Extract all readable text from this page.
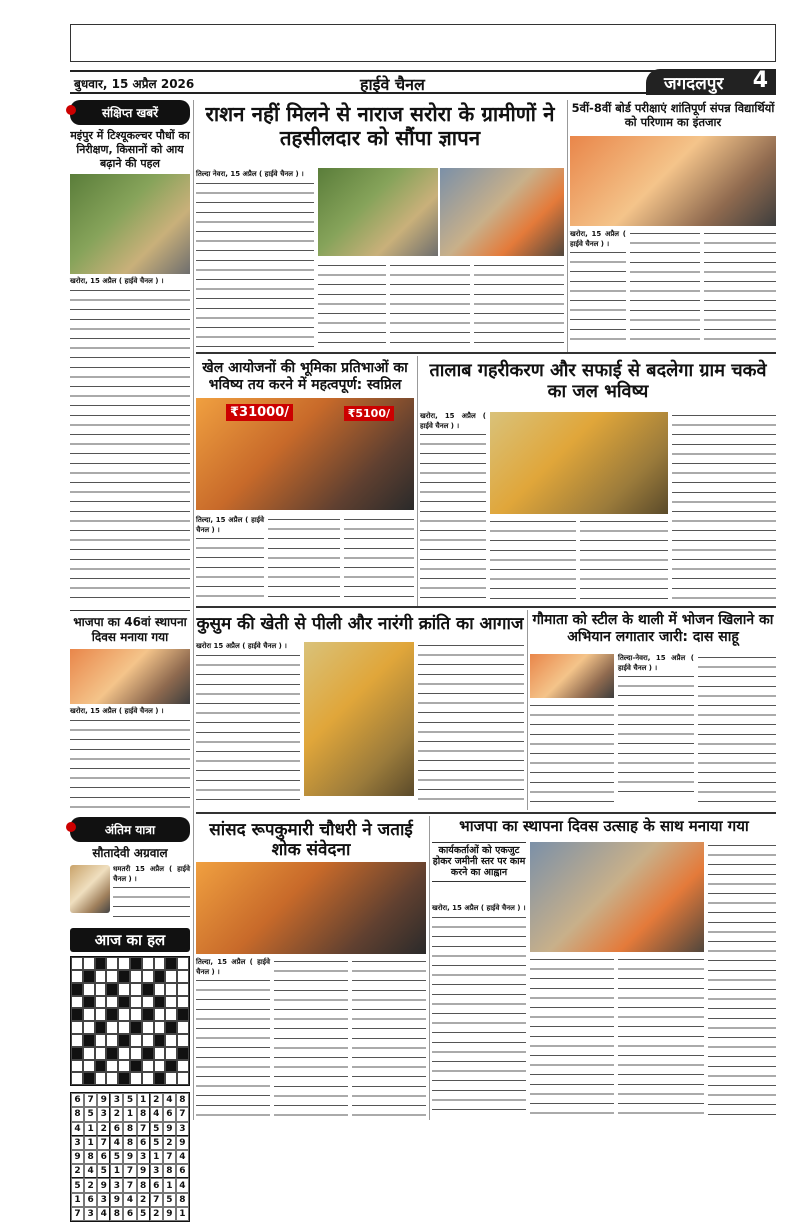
बुधवार, 15 अप्रैल 2026	हाईवे चैनल	जगदलपुर 4
संक्षिप्त खबरें
मइंपुर में टिश्यूकल्चर पौधों का निरीक्षण, किसानों को आय बढ़ाने की पहल
खरोरा, 15 अप्रैल ( हाईवे चैनल ) ।
भाजपा का 46वां स्थापना दिवस मनाया गया
खरोरा, 15 अप्रैल ( हाईवे चैनल ) ।
अंतिम यात्रा
सौतादेवी अग्रवाल
धमतरी 15 अप्रैल ( हाईवे चैनल ) ।
आज का हल
6 7 9 3 5 1 2 4 8
8 5 3 2 1 8 4 6 7
4 1 2 6 8 7 5 9 3
3 1 7 4 8 6 5 2 9
9 8 6 5 9 3 1 7 4
2 4 5 1 7 9 3 8 6
5 2 9 3 7 8 6 1 4
1 6 3 9 4 2 7 5 8
7 3 4 8 6 5 2 9 1
राशन नहीं मिलने से नाराज सरोरा के ग्रामीणों ने तहसीलदार को सौंपा ज्ञापन
तिल्दा नेवरा, 15 अप्रैल ( हाईवे चैनल ) ।
5वीं-8वीं बोर्ड परीक्षाएं शांतिपूर्ण संपन्न विद्यार्थियों को परिणाम का इंतजार
खरोरा, 15 अप्रैल ( हाईवे चैनल ) ।
खेल आयोजनों की भूमिका प्रतिभाओं का भविष्य तय करने में महत्वपूर्ण: स्वप्निल
₹31000/	₹5100/
तिल्दा, 15 अप्रैल ( हाईवे चैनल ) ।
तालाब गहरीकरण और सफाई से बदलेगा ग्राम चकवे का जल भविष्य
खरोरा, 15 अप्रैल ( हाईवे चैनल ) ।
कुसुम की खेती से पीली और नारंगी क्रांति का आगाज
खरोरा 15 अप्रैल ( हाईवे चैनल ) ।
गौमाता को स्टील के थाली में भोजन खिलाने का अभियान लगातार जारी: दास साहू
तिल्दा-नेवरा, 15 अप्रैल ( हाईवे चैनल ) ।
सांसद रूपकुमारी चौधरी ने जताई शोक संवेदना
तिल्दा, 15 अप्रैल ( हाईवे चैनल ) ।
भाजपा का स्थापना दिवस उत्साह के साथ मनाया गया
कार्यकर्ताओं को एकजुट होकर जमीनी स्तर पर काम करने का आह्वान
खरोरा, 15 अप्रैल ( हाईवे चैनल ) ।
